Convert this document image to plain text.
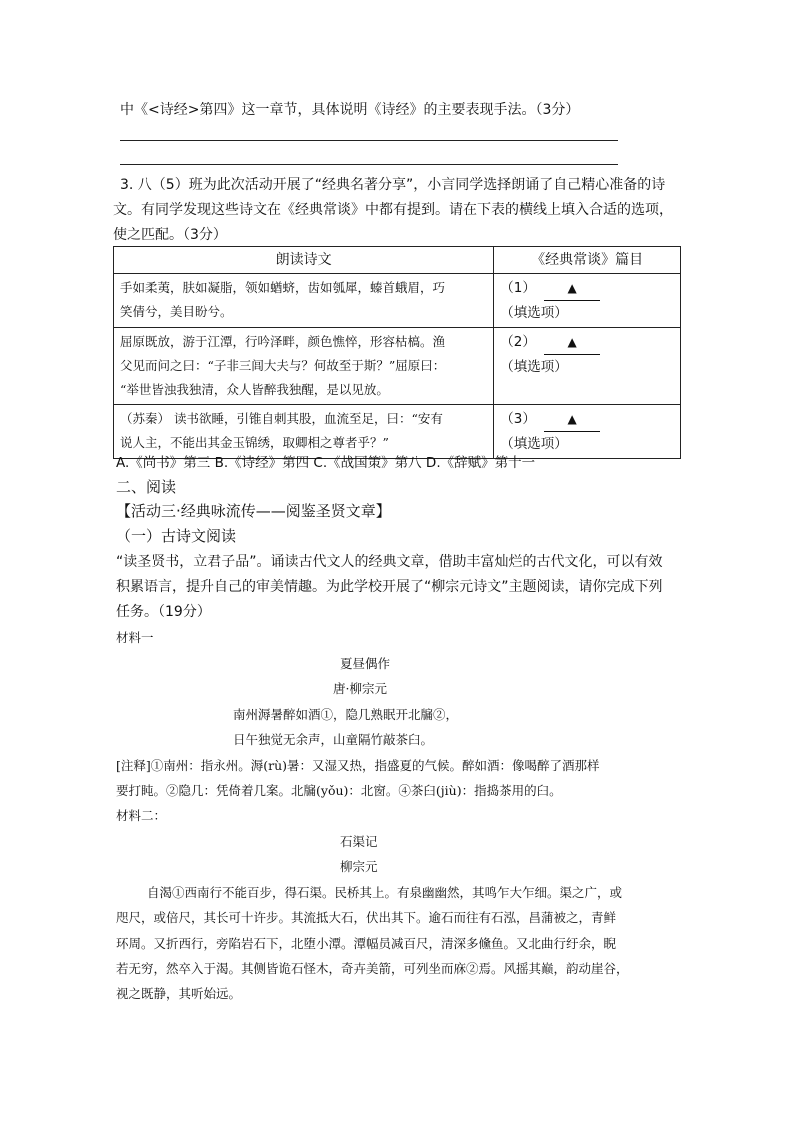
中《<诗经>第四》这一章节，具体说明《诗经》的主要表现手法。（3分）
3. 八（5）班为此次活动开展了“经典名著分享”，小言同学选择朗诵了自己精心准备的诗
文。有同学发现这些诗文在《经典常谈》中都有提到。请在下表的横线上填入合适的选项，
使之匹配。（3分）
朗读诗文	《经典常谈》篇目

手如柔荑，肤如凝脂，领如蝤蛴，齿如瓠犀，螓首蛾眉，巧
笑倩兮，美目盼兮。	（1） ▲ （填选项）

屈原既放，游于江潭，行吟泽畔，颜色憔悴，形容枯槁。渔
父见而问之曰：“子非三闾大夫与？何故至于斯？”屈原曰：
“举世皆浊我独清，众人皆醉我独醒，是以见放。	（2） ▲ （填选项）

（苏秦） 读书欲睡，引锥自刺其股，血流至足，曰：“安有
说人主，不能出其金玉锦绣，取卿相之尊者乎？”	（3） ▲ （填选项）
A.《尚书》第三 B.《诗经》第四 C.《战国策》第八 D.《辞赋》第十一
二、阅读
【活动三·经典咏流传——阅鉴圣贤文章】
（一）古诗文阅读
“读圣贤书，立君子品”。诵读古代文人的经典文章，借助丰富灿烂的古代文化，可以有效
积累语言，提升自己的审美情趣。为此学校开展了“柳宗元诗文”主题阅读，请你完成下列
任务。（19分）
材料一
夏昼偶作
唐·柳宗元
南州溽暑醉如酒①，隐几熟眠开北牖②，
日午独觉无余声，山童隔竹敲茶臼。
[注释]①南州：指永州。溽(rù)暑：又湿又热，指盛夏的气候。醉如酒：像喝醉了酒那样
要打盹。②隐几：凭倚着几案。北牖(yǒu)：北窗。④茶臼(jiù)：指捣茶用的臼。
材料二：
石渠记
柳宗元
自渴①西南行不能百步，得石渠。民桥其上。有泉幽幽然，其鸣乍大乍细。渠之广，或
咫尺，或倍尺，其长可十许步。其流抵大石，伏出其下。逾石而往有石泓，昌蒲被之，青鲜
环周。又折西行，旁陷岩石下，北堕小潭。潭幅员减百尺，清深多儵鱼。又北曲行纡余，睨
若无穷，然卒入于渴。其侧皆诡石怪木，奇卉美箭，可列坐而庥②焉。风摇其巅，韵动崖谷，
视之既静，其听始远。
